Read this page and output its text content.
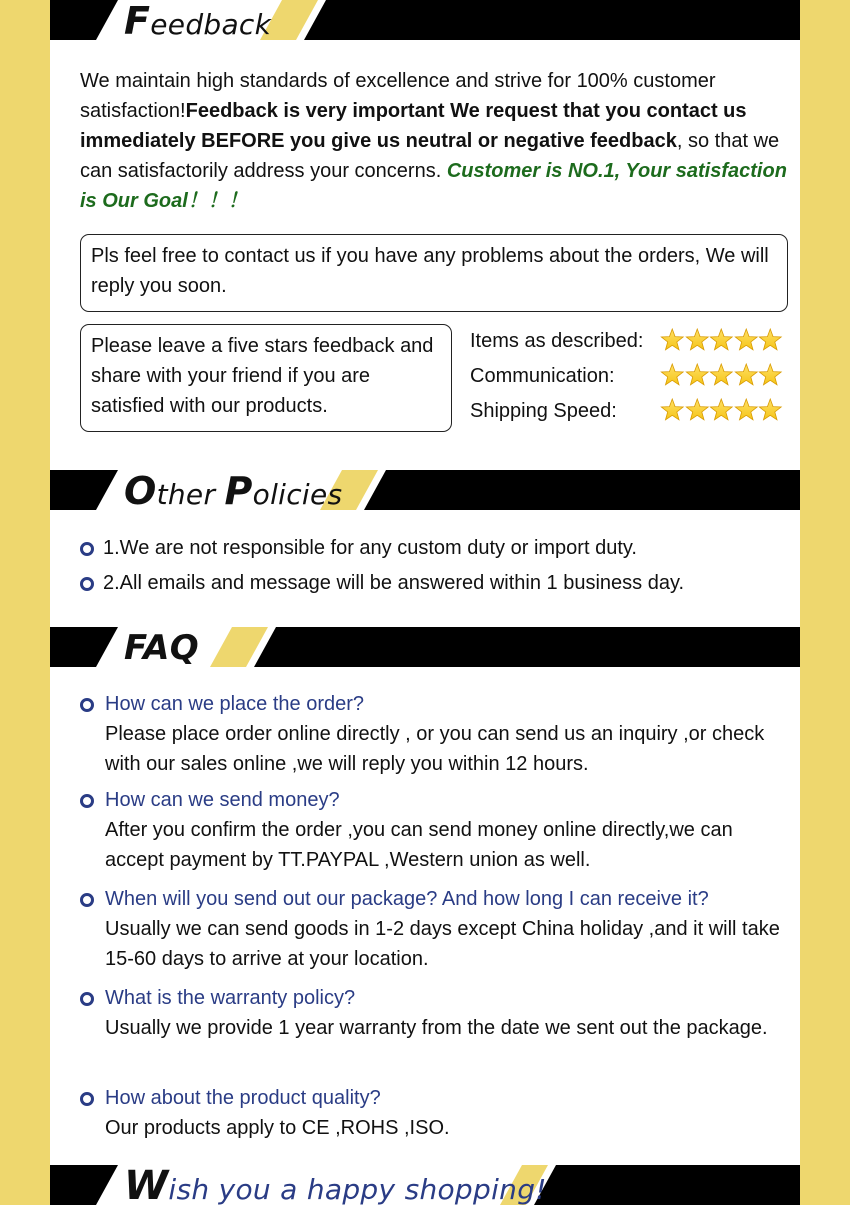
Feedback
We maintain high standards of excellence and strive for 100% customer satisfaction!Feedback is very important We request that you contact us immediately BEFORE you give us neutral or negative feedback, so that we can satisfactorily address your concerns. Customer is NO.1, Your satisfaction is Our Goal！！！
Pls feel free to contact us if you have any problems about the orders, We will reply you soon.
Please leave a five stars feedback and share with your friend if you are satisfied with our products.
Items as described:
Communication:
Shipping Speed:
Other Policies
1.We are not responsible for any custom duty or import duty.
2.All emails and message will be answered within 1 business day.
FAQ
How can we place the order?
Please place order online directly , or you can send us an inquiry ,or check with our sales online ,we will reply you within 12 hours.
How can we send money?
After you confirm the order ,you can send money online directly,we can accept payment by TT.PAYPAL ,Western union as well.
When will you send out our package? And how long I can receive it?
Usually we can send goods in 1-2 days except China holiday ,and it will take 15-60 days to arrive at your location.
What is the warranty policy?
Usually we provide 1 year warranty from the date we sent out the package.
How about the product quality?
Our products apply to CE ,ROHS ,ISO.
Wish you a happy shopping!
